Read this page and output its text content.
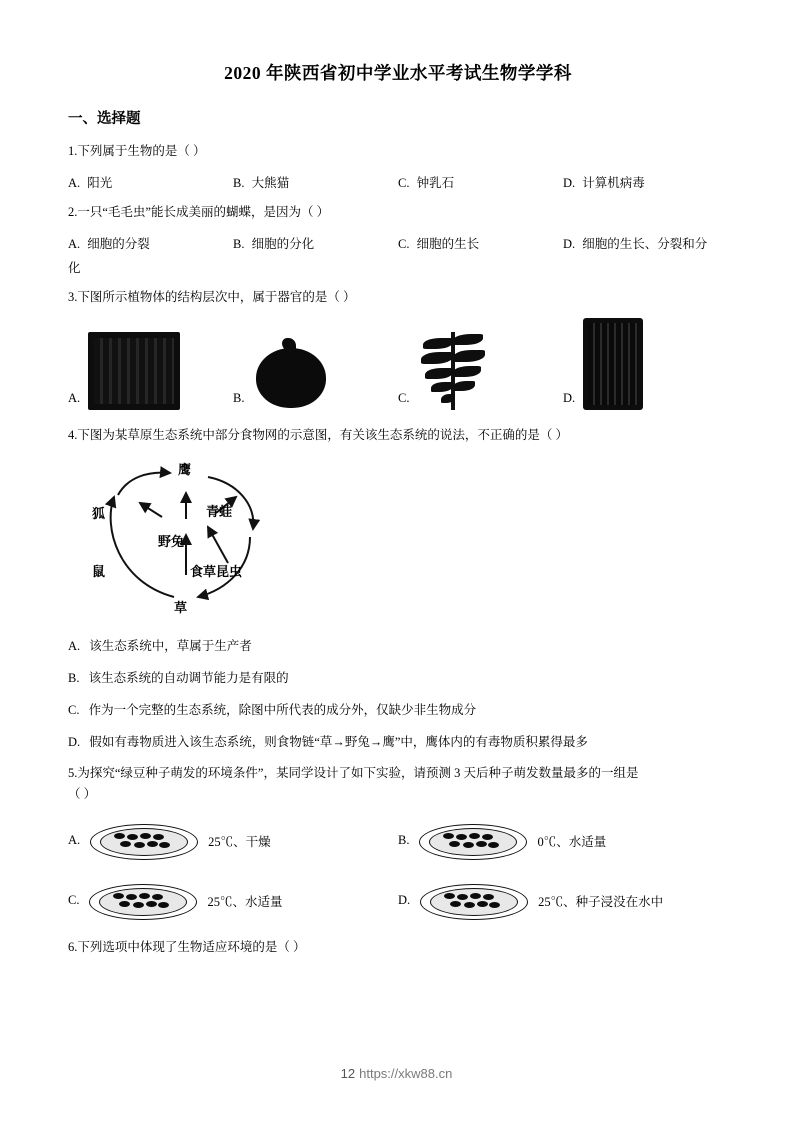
2020 年陕西省初中学业水平考试生物学学科
一、选择题
1.下列属于生物的是（ ）
A. 阳光	B. 大熊猫	C. 钟乳石	D. 计算机病毒
2.一只“毛毛虫”能长成美丽的蝴蝶，是因为（ ）
A. 细胞的分裂	B. 细胞的分化	C. 细胞的生长	D. 细胞的生长、分裂和分
化
3.下图所示植物体的结构层次中，属于器官的是（ ）
A.	B.	C.	D.
4.下图为某草原生态系统中部分食物网的示意图，有关该生态系统的说法，不正确的是（ ）
鹰
狐	青蛙
野兔
鼠	食草昆虫
草
A. 该生态系统中，草属于生产者
B. 该生态系统的自动调节能力是有限的
C. 作为一个完整的生态系统，除图中所代表的成分外，仅缺少非生物成分
D. 假如有毒物质进入该生态系统，则食物链“草→野兔→鹰”中，鹰体内的有毒物质积累得最多
5.为探究“绿豆种子萌发的环境条件”，某同学设计了如下实验，请预测 3 天后种子萌发数量最多的一组是
（ ）
A.	25℃、干燥	B.	0℃、水适量
C.	25℃、水适量	D.	25℃、种子浸没在水中
6.下列选项中体现了生物适应环境的是（ ）
12 https://xkw88.cn
